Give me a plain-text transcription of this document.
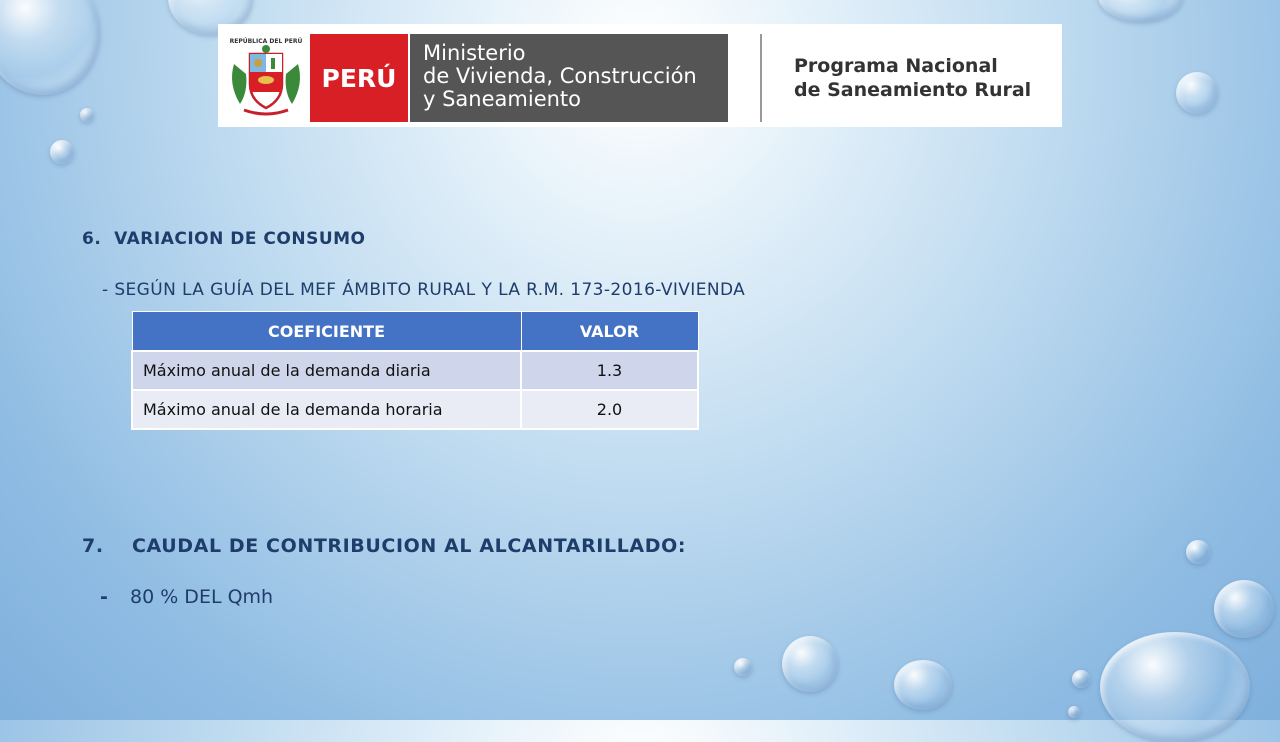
REPÚBLICA DEL PERÚ
PERÚ
Ministerio
de Vivienda, Construcción
y Saneamiento
Programa Nacional
de Saneamiento Rural
6. VARIACION DE CONSUMO
- SEGÚN LA GUÍA DEL MEF ÁMBITO RURAL Y LA R.M. 173-2016-VIVIENDA
COEFICIENTE	VALOR
Máximo anual de la demanda diaria	1.3
Máximo anual de la demanda horaria	2.0
7. CAUDAL DE CONTRIBUCION AL ALCANTARILLADO:
- 80 % DEL Qmh
